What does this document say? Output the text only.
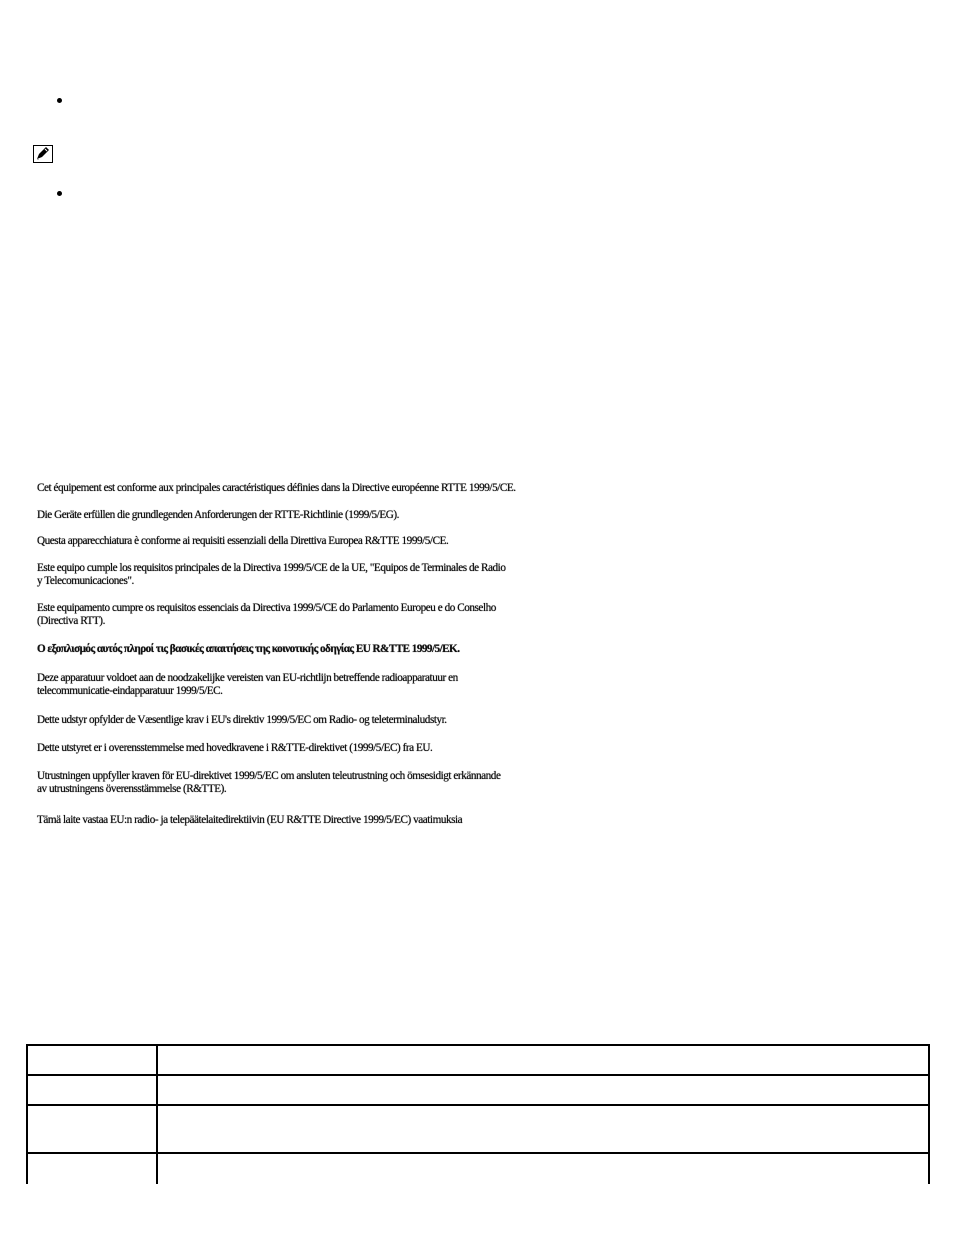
Cet équipement est conforme aux principales caractéristiques définies dans la Directive européenne RTTE 1999/5/CE.
Die Geräte erfüllen die grundlegenden Anforderungen der RTTE-Richtlinie (1999/5/EG).
Questa apparecchiatura è conforme ai requisiti essenziali della Direttiva Europea R&TTE 1999/5/CE.
Este equipo cumple los requisitos principales de la Directiva 1999/5/CE de la UE, "Equipos de Terminales de Radio
y Telecomunicaciones".
Este equipamento cumpre os requisitos essenciais da Directiva 1999/5/CE do Parlamento Europeu e do Conselho
(Directiva RTT).
Ο εξοπλισμός αυτός πληροί τις βασικές απαιτήσεις της κοινοτικής οδηγίας EU R&TTE 1999/5/ΕΚ.
Deze apparatuur voldoet aan de noodzakelijke vereisten van EU-richtlijn betreffende radioapparatuur en
telecommunicatie-eindapparatuur 1999/5/EC.
Dette udstyr opfylder de Væsentlige krav i EU's direktiv 1999/5/EC om Radio- og teleterminaludstyr.
Dette utstyret er i overensstemmelse med hovedkravene i R&TTE-direktivet (1999/5/EC) fra EU.
Utrustningen uppfyller kraven för EU-direktivet 1999/5/EC om ansluten teleutrustning och ömsesidigt erkännande
av utrustningens överensstämmelse (R&TTE).
Tämä laite vastaa EU:n radio- ja telepäätelaitedirektiivin (EU R&TTE Directive 1999/5/EC) vaatimuksia
